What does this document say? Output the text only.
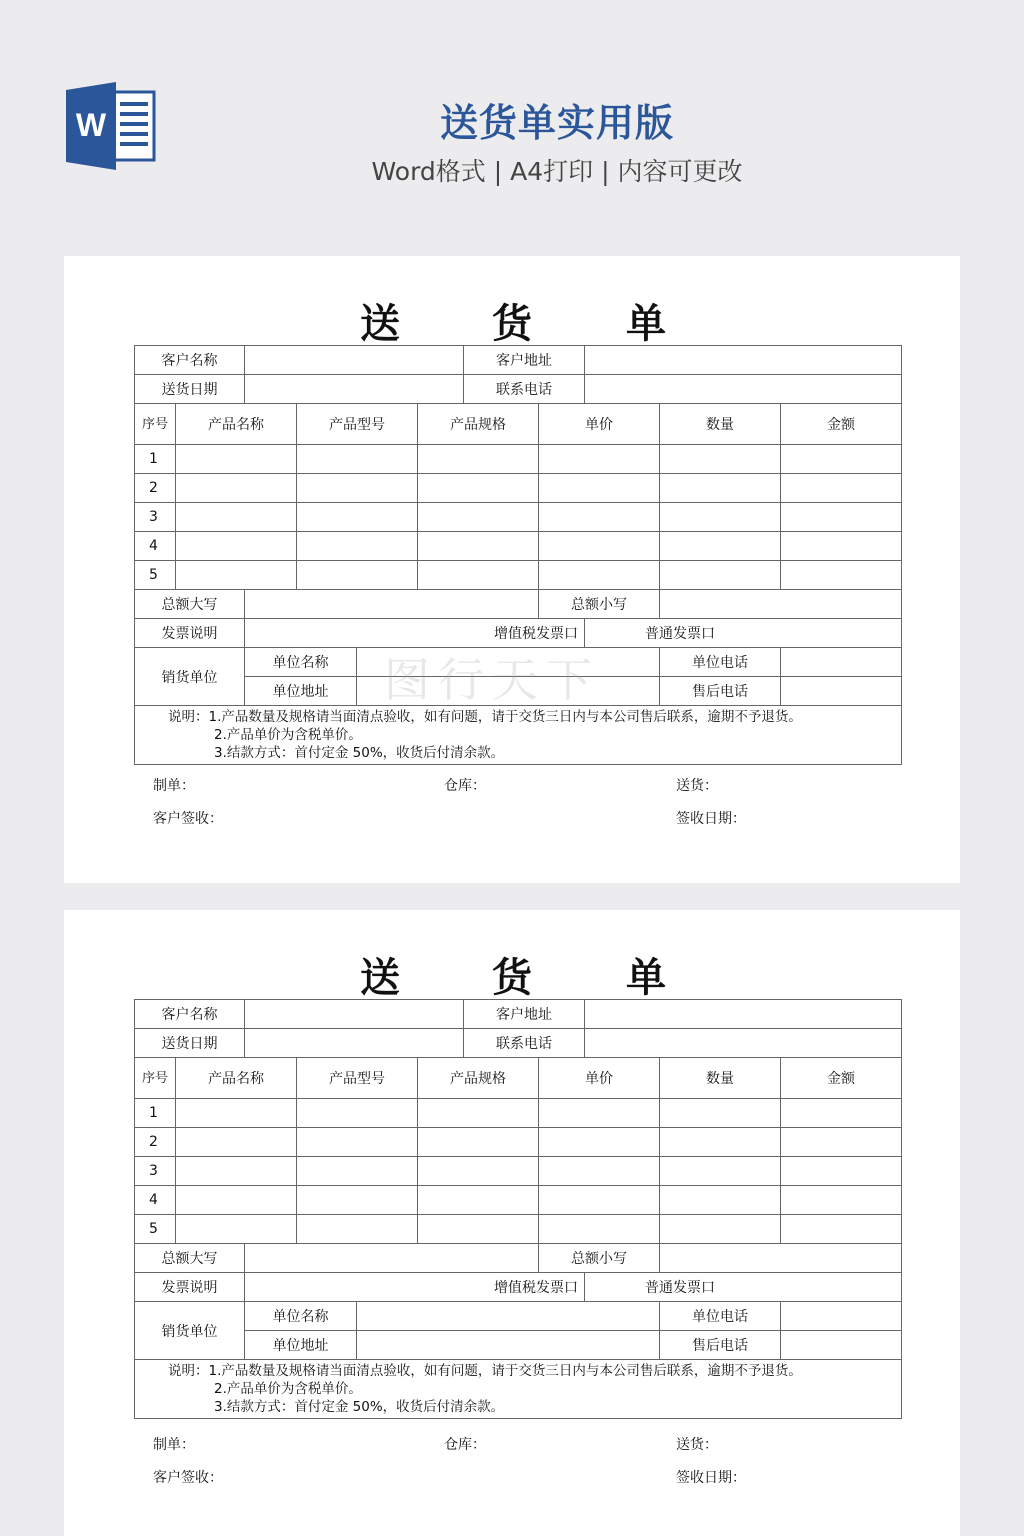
W	送货单实用版
Word格式 | A4打印 | 内容可更改
送 货 单
客户名称						客户地址				
送货日期						联系电话				
序号	产品名称		产品型号		产品规格		单价		数量	金额
1										
2										
3										
4										
5										
总额大写							总额小写			
发票说明		增值税发票口						普通发票口		
销货单位		单位名称							单位电话	
		单位地址							售后电话	

说明：1.产品数量及规格请当面清点验收，如有问题，请于交货三日内与本公司售后联系，逾期不予退货。
2.产品单价为含税单价。
3.结款方式：首付定金 50%，收货后付清余款。										
制单：	仓库：	送货：
客户签收：	签收日期：
图行天下
送 货 单
客户名称						客户地址				
送货日期						联系电话				
序号	产品名称		产品型号		产品规格		单价		数量	金额
1										
2										
3										
4										
5										
总额大写							总额小写			
发票说明		增值税发票口						普通发票口		
销货单位		单位名称							单位电话	
		单位地址							售后电话	

说明：1.产品数量及规格请当面清点验收，如有问题，请于交货三日内与本公司售后联系，逾期不予退货。
2.产品单价为含税单价。
3.结款方式：首付定金 50%，收货后付清余款。										
制单：	仓库：	送货：
客户签收：	签收日期：
